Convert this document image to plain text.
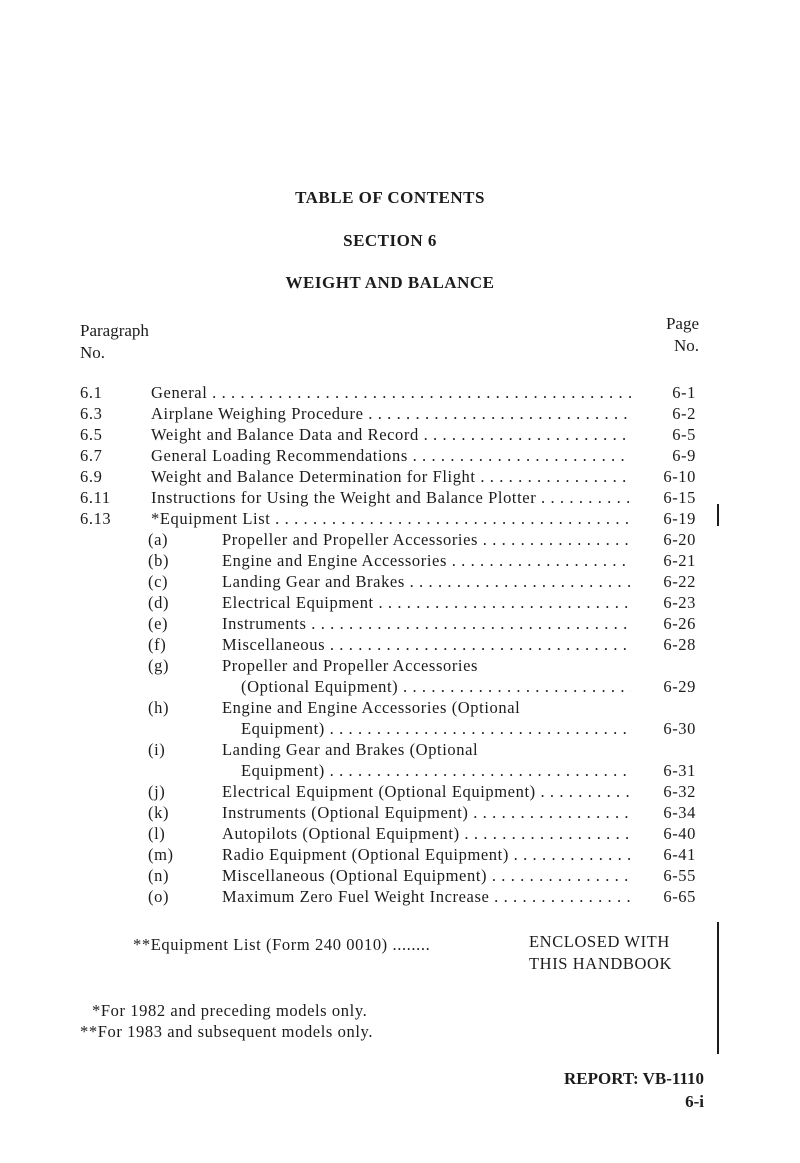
TABLE OF CONTENTS
SECTION 6
WEIGHT AND BALANCE
Paragraph
No.
Page
No.
6.1	General . . .	6-1
6.3	Airplane Weighing Procedure . . .	6-2
6.5	Weight and Balance Data and Record . . .	6-5
6.7	General Loading Recommendations . . .	6-9
6.9	Weight and Balance Determination for Flight . . .	6-10
6.11 Instructions for Using the Weight and Balance Plotter . . .	6-15
6.13 *Equipment List . . .	6-19
(a)	Propeller and Propeller Accessories . . .	6-20
(b)	Engine and Engine Accessories . . .	6-21
(c)	Landing Gear and Brakes . . .	6-22
(d)	Electrical Equipment . . .	6-23
(e)	Instruments . . .	6-26
(f)	Miscellaneous . . .	6-28
(g)	Propeller and Propeller Accessories
(Optional Equipment) . . .	6-29
(h)	Engine and Engine Accessories (Optional
Equipment) . . .	6-30
(i)	Landing Gear and Brakes (Optional
Equipment) . . .	6-31
(j)	Electrical Equipment (Optional Equipment) . . .	6-32
(k)	Instruments (Optional Equipment) . . .	6-34
(l)	Autopilots (Optional Equipment) . . .	6-40
(m)	Radio Equipment (Optional Equipment) . . .	6-41
(n)	Miscellaneous (Optional Equipment) . . .	6-55
(o)	Maximum Zero Fuel Weight Increase . . .	6-65
**Equipment List (Form 240 0010) ........	ENCLOSED WITH
THIS HANDBOOK
*For 1982 and preceding models only.
**For 1983 and subsequent models only.
REPORT: VB-1110
6-i
